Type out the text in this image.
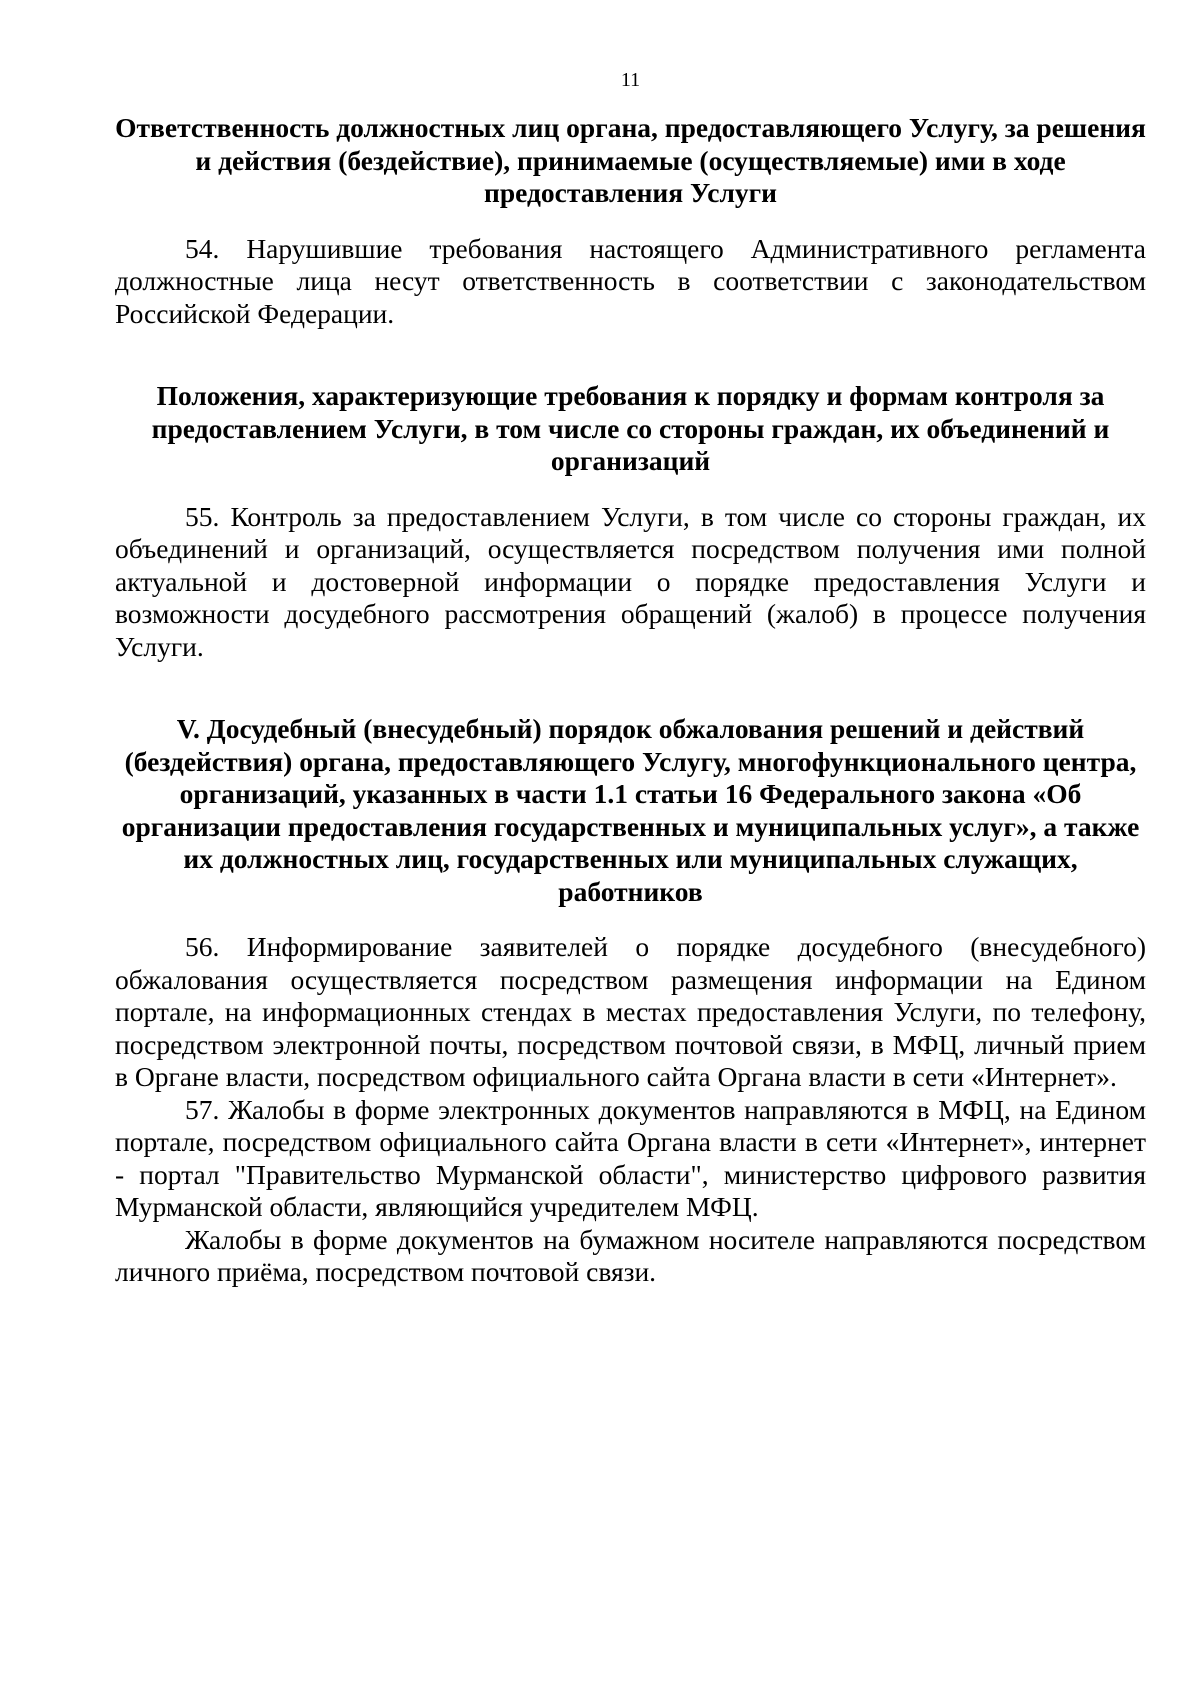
11
Ответственность должностных лиц органа, предоставляющего Услугу, за решения и действия (бездействие), принимаемые (осуществляемые) ими в ходе предоставления Услуги

54. Нарушившие требования настоящего Административного регламента должностные лица несут ответственность в соответствии с законодательством Российской Федерации.

Положения, характеризующие требования к порядку и формам контроля за предоставлением Услуги, в том числе со стороны граждан, их объединений и организаций

55. Контроль за предоставлением Услуги, в том числе со стороны граждан, их объединений и организаций, осуществляется посредством получения ими полной актуальной и достоверной информации о порядке предоставления Услуги и возможности досудебного рассмотрения обращений (жалоб) в процессе получения Услуги.

V. Досудебный (внесудебный) порядок обжалования решений и действий (бездействия) органа, предоставляющего Услугу, многофункционального центра, организаций, указанных в части 1.1 статьи 16 Федерального закона «Об организации предоставления государственных и муниципальных услуг», а также их должностных лиц, государственных или муниципальных служащих, работников

56. Информирование заявителей о порядке досудебного (внесудебного) обжалования осуществляется посредством размещения информации на Едином портале, на информационных стендах в местах предоставления Услуги, по телефону, посредством электронной почты, посредством почтовой связи, в МФЦ, личный прием в Органе власти, посредством официального сайта Органа власти в сети «Интернет».

57. Жалобы в форме электронных документов направляются в МФЦ, на Едином портале, посредством официального сайта Органа власти в сети «Интернет», интернет - портал "Правительство Мурманской области", министерство цифрового развития Мурманской области, являющийся учредителем МФЦ.

Жалобы в форме документов на бумажном носителе направляются посредством личного приёма, посредством почтовой связи.
